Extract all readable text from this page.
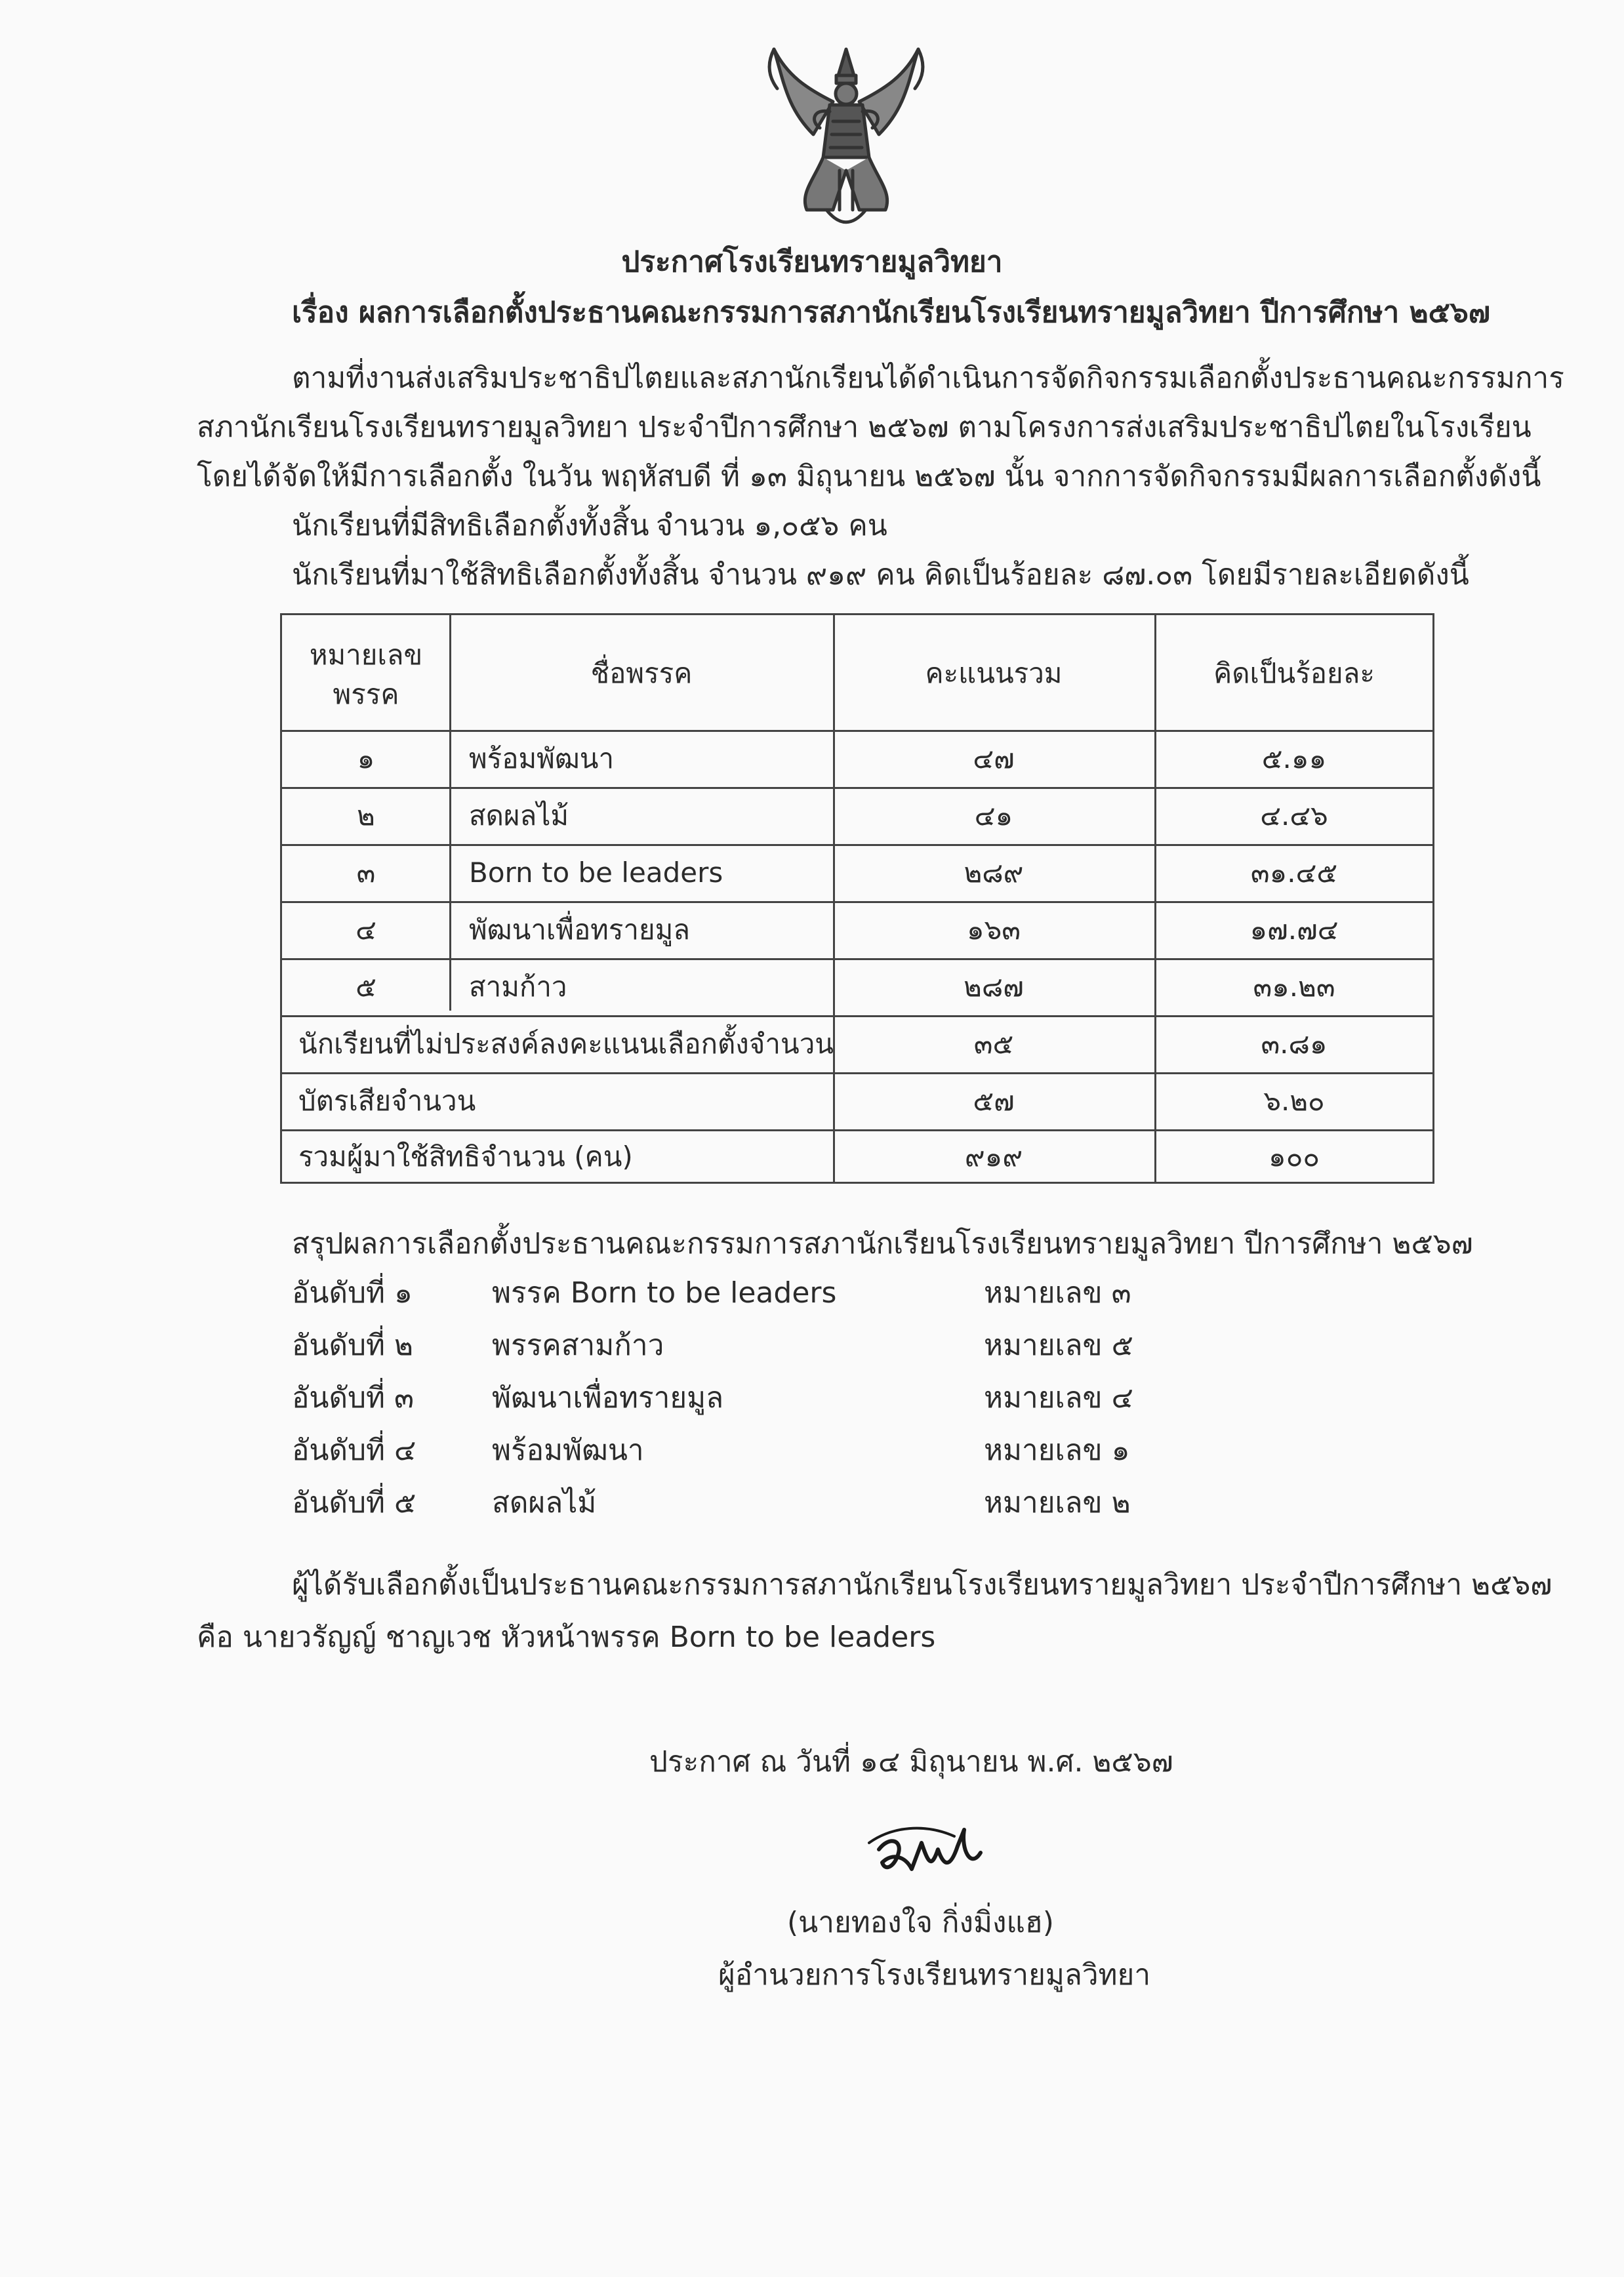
ประกาศโรงเรียนทรายมูลวิทยา
เรื่อง ผลการเลือกตั้งประธานคณะกรรมการสภานักเรียนโรงเรียนทรายมูลวิทยา ปีการศึกษา ๒๕๖๗
ตามที่งานส่งเสริมประชาธิปไตยและสภานักเรียนได้ดำเนินการจัดกิจกรรมเลือกตั้งประธานคณะกรรมการ
สภานักเรียนโรงเรียนทรายมูลวิทยา ประจำปีการศึกษา ๒๕๖๗ ตามโครงการส่งเสริมประชาธิปไตยในโรงเรียน
โดยได้จัดให้มีการเลือกตั้ง ในวัน พฤหัสบดี ที่ ๑๓ มิถุนายน ๒๕๖๗ นั้น จากการจัดกิจกรรมมีผลการเลือกตั้งดังนี้
นักเรียนที่มีสิทธิเลือกตั้งทั้งสิ้น จำนวน ๑,๐๕๖ คน
นักเรียนที่มาใช้สิทธิเลือกตั้งทั้งสิ้น จำนวน ๙๑๙ คน คิดเป็นร้อยละ ๘๗.๐๓ โดยมีรายละเอียดดังนี้
หมายเลข
พรรค
ชื่อพรรค	คะแนนรวม	คิดเป็นร้อยละ
๑	พร้อมพัฒนา	๔๗	๕.๑๑
๒	สดผลไม้	๔๑	๔.๔๖
๓	Born to be leaders	๒๘๙	๓๑.๔๕
๔	พัฒนาเพื่อทรายมูล	๑๖๓	๑๗.๗๔
๕	สามก้าว	๒๘๗	๓๑.๒๓
นักเรียนที่ไม่ประสงค์ลงคะแนนเลือกตั้งจำนวน	๓๕	๓.๘๑
บัตรเสียจำนวน	๕๗	๖.๒๐
รวมผู้มาใช้สิทธิจำนวน (คน)	๙๑๙	๑๐๐
สรุปผลการเลือกตั้งประธานคณะกรรมการสภานักเรียนโรงเรียนทรายมูลวิทยา ปีการศึกษา ๒๕๖๗
อันดับที่ ๑	พรรค Born to be leaders	หมายเลข ๓
อันดับที่ ๒	พรรคสามก้าว	หมายเลข ๕
อันดับที่ ๓	พัฒนาเพื่อทรายมูล	หมายเลข ๔
อันดับที่ ๔	พร้อมพัฒนา	หมายเลข ๑
อันดับที่ ๕	สดผลไม้	หมายเลข ๒
ผู้ได้รับเลือกตั้งเป็นประธานคณะกรรมการสภานักเรียนโรงเรียนทรายมูลวิทยา ประจำปีการศึกษา ๒๕๖๗
คือ นายวรัญญ์ ชาญเวช หัวหน้าพรรค Born to be leaders
ประกาศ ณ วันที่ ๑๔ มิถุนายน พ.ศ. ๒๕๖๗
(นายทองใจ กิ่งมิ่งแฮ)
ผู้อำนวยการโรงเรียนทรายมูลวิทยา
